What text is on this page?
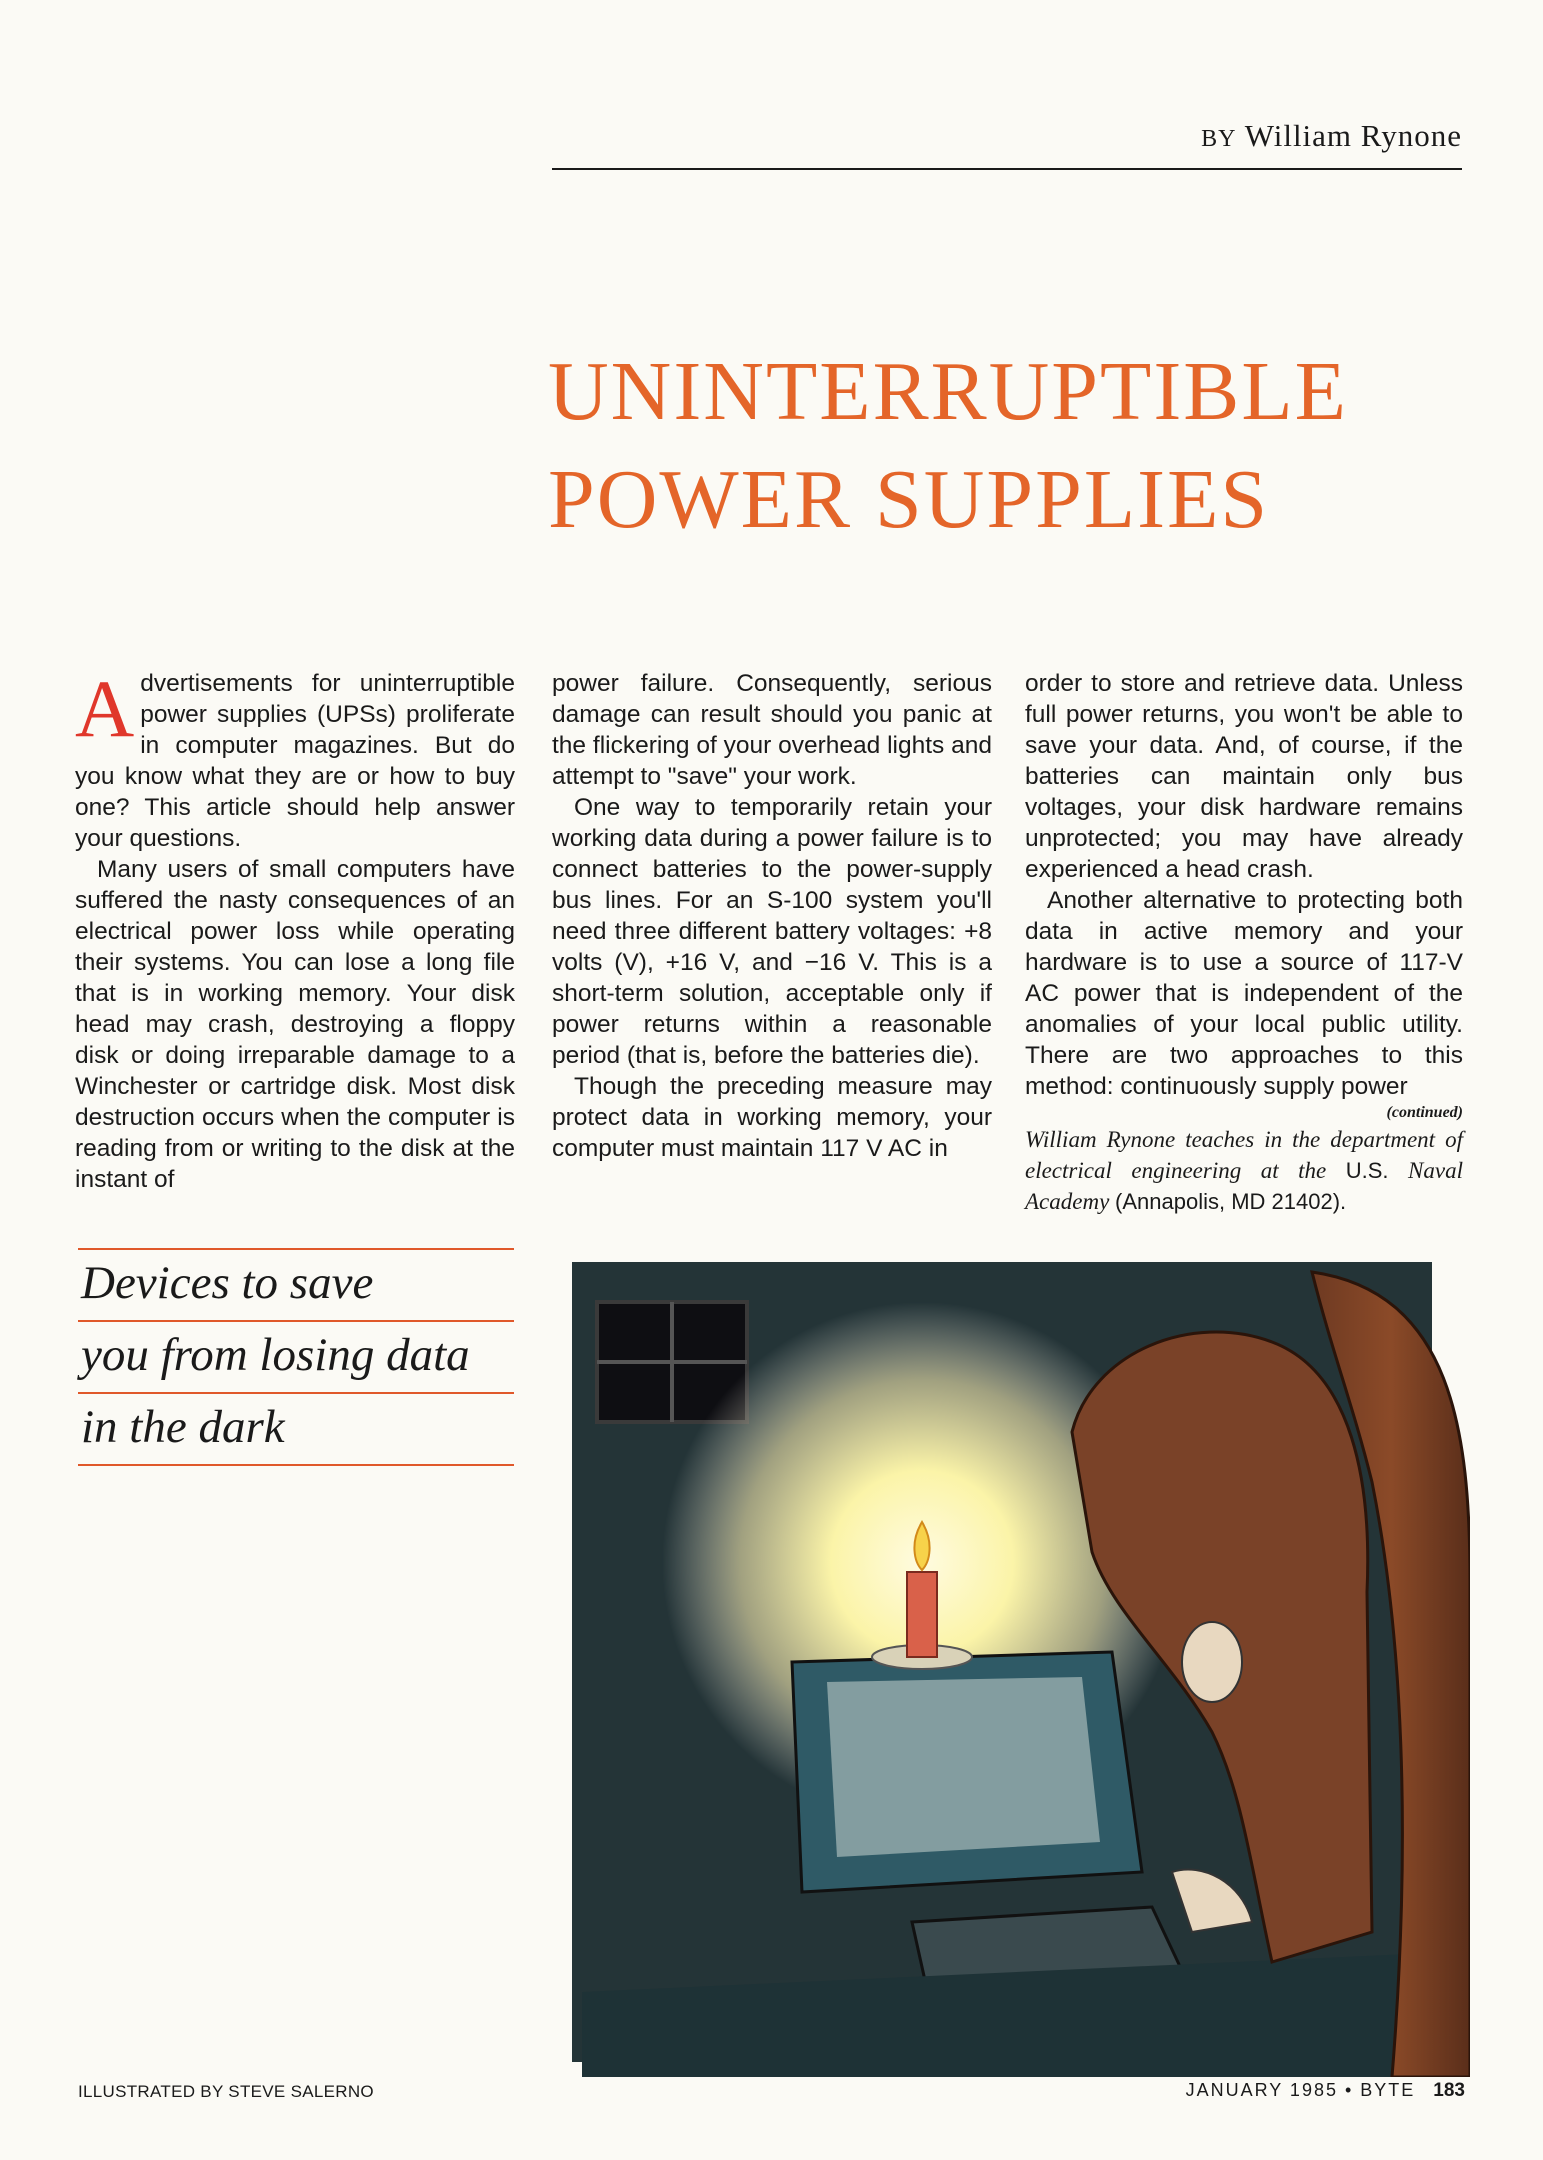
BY William Rynone
UNINTERRUPTIBLE
POWER SUPPLIES

Advertisements for uninterruptible power supplies (UPSs) proliferate in computer magazines. But do you know what they are or how to buy one? This article should help answer your questions.

Many users of small computers have suffered the nasty consequences of an electrical power loss while operating their systems. You can lose a long file that is in working memory. Your disk head may crash, destroying a floppy disk or doing irreparable damage to a Winchester or cartridge disk. Most disk destruction occurs when the computer is reading from or writing to the disk at the instant of

power failure. Consequently, serious damage can result should you panic at the flickering of your overhead lights and attempt to "save" your work.

One way to temporarily retain your working data during a power failure is to connect batteries to the power-supply bus lines. For an S-100 system you'll need three different battery voltages: +8 volts (V), +16 V, and −16 V. This is a short-term solution, acceptable only if power returns within a reasonable period (that is, before the batteries die).

Though the preceding measure may protect data in working memory, your computer must maintain 117 V AC in

order to store and retrieve data. Unless full power returns, you won't be able to save your data. And, of course, if the batteries can maintain only bus voltages, your disk hardware remains unprotected; you may have already experienced a head crash.

Another alternative to protecting both data in active memory and your hardware is to use a source of 117-V AC power that is independent of the anomalies of your local public utility. There are two approaches to this method: continuously supply power

(continued)

William Rynone teaches in the department of electrical engineering at the U.S. Naval Academy (Annapolis, MD 21402).

Devices to save
you from losing data
in the dark
ILLUSTRATED BY STEVE SALERNO	JANUARY 1985 • BYTE 183
